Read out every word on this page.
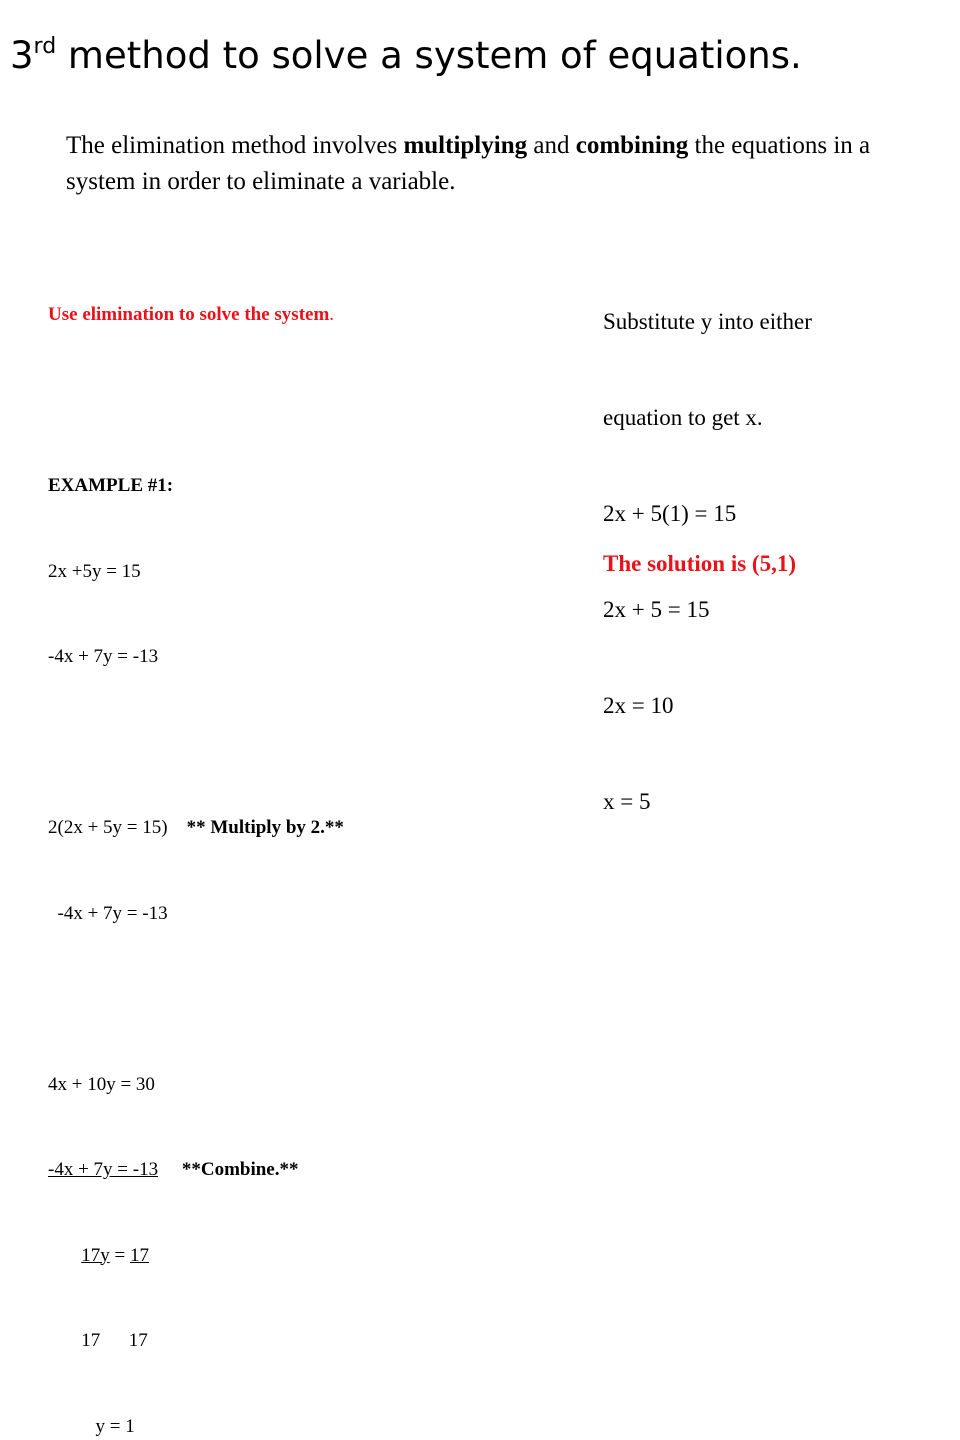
3rd method to solve a system of equations.

The elimination method involves multiplying and combining the equations in a system in order to eliminate a variable.

Use elimination to solve the system.

EXAMPLE #1:

2x +5y = 15

-4x + 7y = -13

2(2x + 5y = 15)    ** Multiply by 2.**

-4x + 7y = -13

4x + 10y = 30

-4x + 7y = -13     **Combine.**

17y = 17

17      17

y = 1

Substitute y into either

equation to get x.

2x + 5(1) = 15

2x + 5 = 15

2x = 10

x = 5

The solution is (5,1)
